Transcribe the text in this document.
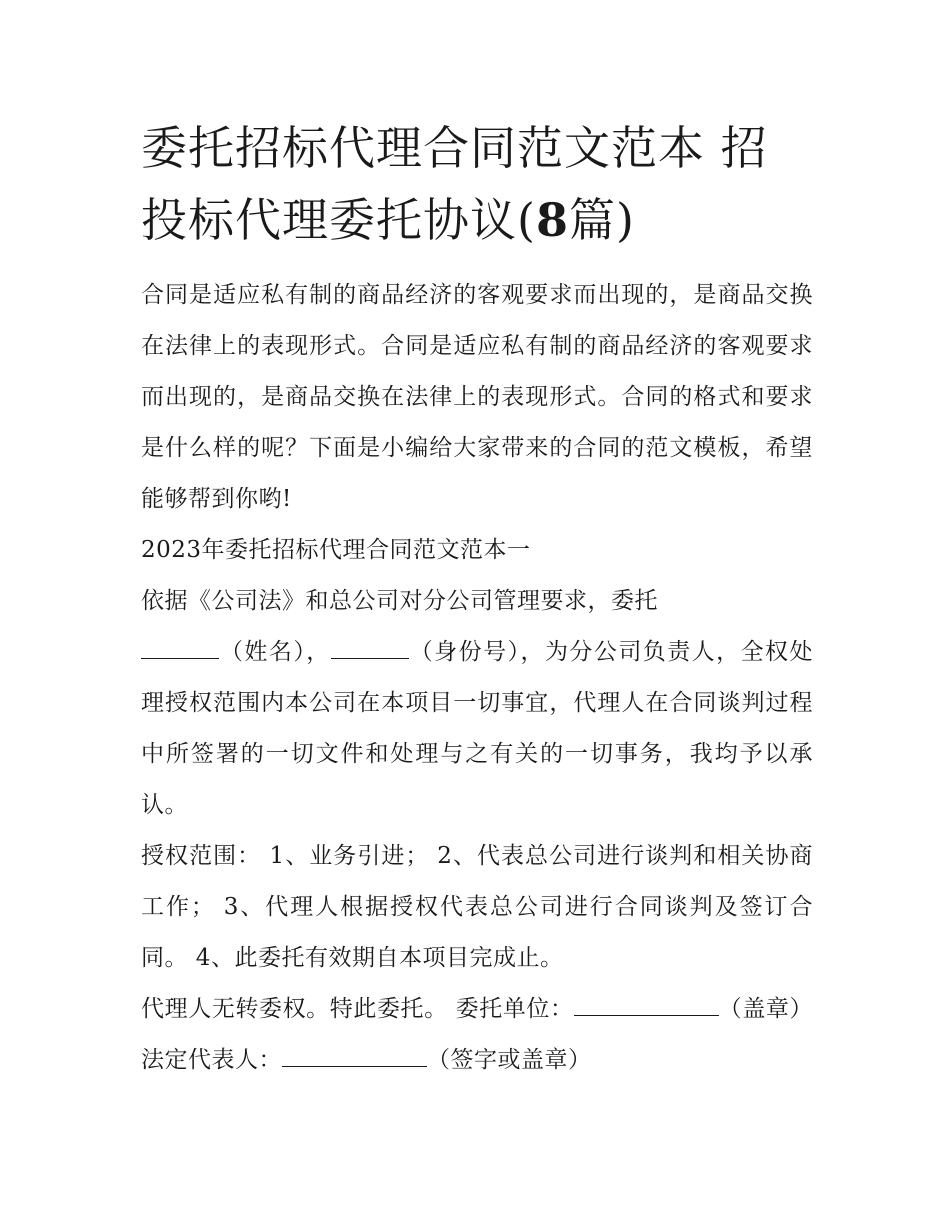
委托招标代理合同范文范本 招投标代理委托协议(8篇)

合同是适应私有制的商品经济的客观要求而出现的，是商品交换在法律上的表现形式。合同是适应私有制的商品经济的客观要求而出现的，是商品交换在法律上的表现形式。合同的格式和要求是什么样的呢？下面是小编给大家带来的合同的范文模板，希望能够帮到你哟!

2023年委托招标代理合同范文范本一

依据《公司法》和总公司对分公司管理要求，委托

（姓名），	（身份号），为分公司负责人，全权处理授权范围内本公司在本项目一切事宜，代理人在合同谈判过程中所签署的一切文件和处理与之有关的一切事务，我均予以承认。

授权范围： 1、业务引进； 2、代表总公司进行谈判和相关协商工作； 3、代理人根据授权代表总公司进行合同谈判及签订合同。 4、此委托有效期自本项目完成止。

代理人无转委权。特此委托。 委托单位：	（盖章）法定代表人：	（签字或盖章）
